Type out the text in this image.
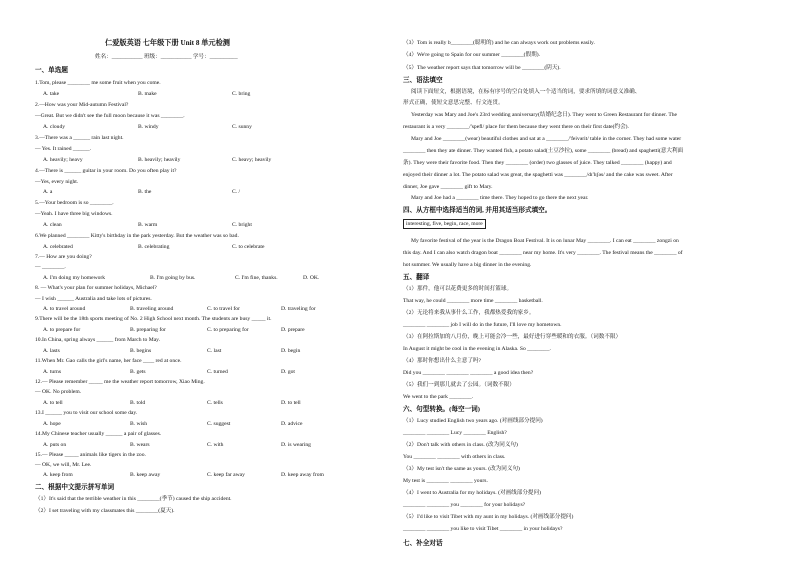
仁爱版英语 七年级下册 Unit 8 单元检测
姓名：___________ 班级：___________ 学号：__________
一、单选题
1.Tom, please ________ me some fruit when you come.
A. take	B. make	C. bring
2.—How was your Mid-autumn Festival?
—Great. But we didn't see the full moon because it was ________.
A. cloudy	B. windy	C. sunny
3.—There was a ______ rain last night.
— Yes. It rained ______.
A. heavily; heavy	B. heavily; heavily	C. heavy; heavily
4.—There is ______ guitar in your room. Do you often play it?
—Yes, every night.
A. a	B. the	C. /
5.—Your bedroom is so ________.
—Yeah. I have three big windows.
A. clean	B. warm	C. bright
6.We planned ________ Kitty's birthday in the park yesterday. But the weather was so bad.
A. celebrated	B. celebrating	C. to celebrate
7.— How are you doing?
— ________.
A. I'm doing my homework	B. I'm going by bus.	C. I'm fine, thanks.	D. OK.
8. — What's your plan for summer holidays, Michael?
— I wish ______ Australia and take lots of pictures.
A. to travel around	B. traveling around	C. to travel for	D. traveling for
9.There will be the 18th sports meeting of No. 2 High School next month. The students are busy _____ it.
A. to prepare for	B. preparing for	C. to preparing for	D. prepare
10.In China, spring always ______ from March to May.
A. lasts	B. begins	C. last	D. begin
11.When Mr. Gao calls the girl's name, her face ____ red at once.
A. turns	B. gets	C. turned	D. got
12.— Please remember _____ me the weather report tomorrow, Xiao Ming.
— OK. No problem.
A. to tell	B. told	C. tells	D. to tell
13.I ______ you to visit our school some day.
A. hope	B. wish	C. suggest	D. advice
14.My Chinese teacher usually ______ a pair of glasses.
A. puts on	B. wears	C. with	D. is wearing
15.— Please _____ animals like tigers in the zoo.
— OK, we will, Mr. Lee.
A. keep from	B. keep away	C. keep far away	D. keep away from
二、根据中文提示拼写单词
（1）It's said that the terrible weather in this ________(季节) caused the ship accident.
（2）I set traveling with my classmates this ________(夏天).
interesting, five, begin, race, more
（3）Tom is really b________(聪明的) and he can always work out problems easily.
（4）We're going to Spain for our summer ________(假期).
（5）The weather report says that tomorrow will be ________(阴天).
三、语法填空
阅读下面短文，根据语境，在标有序号的空白处填入一个适当的词，要求所填的词意义准确、
形式正确，使短文意思完整、行文连贯。
Yesterday was Mary and Joe's 23rd wedding anniversary(结婚纪念日). They went to Green Restaurant for dinner. The
restaurant is a very ________/'spefl/ place for them because they went there on their first date(约会).
Mary and Joe ________(wear) beautiful clothes and sat at a ________/'feivərit/ table in the corner. They had some water
________ then they ate dinner. They wanted fish, a potato salad(土豆沙拉), some ________ (bread) and spaghetti(意大利面
条). They were their favorite food. Then they ________ (order) two glasses of juice. They talked ________ (happy) and
enjoyed their dinner a lot. The potato salad was great, the spaghetti was ________/dɪ'lɪʃəs/ and the cake was sweet. After
dinner, Joe gave ________ gift to Mary.
Mary and Joe had a ________ time there. They hoped to go there the next year.
四、从方框中选择适当的词, 并用其适当形式填空。
My favorite festival of the year is the Dragon Boat Festival. It is on lunar May ________. I can eat ________ zongzi on
this day. And I can also watch dragon boat ________ near my home. It's very ________. The festival means the ________ of
hot summer. We usually have a big dinner in the evening.
五、翻译
（1）那件，他可以花费更多的时间打篮球。
That way, he could ________ more time ________ basketball.
（2）无论将来我从事什么工作，我都热爱我的家乡。
________ ________ job I will do in the future, I'll love my hometown.
（3）在阿拉斯加的八月份，晚上可能会冷一些，最好进行穿些暖和的衣服。（词数不限）
In August it might be cool in the evening in Alaska. So ________.
（4）那时你想出什么主意了吗?
Did you ________ ________ ________ a good idea then?
（5）我们一到那儿就去了公园。（词数不限）
We went to the park ________.
六、句型转换。(每空一词)
（1）Lucy studied English two years ago. (对画线部分提问)
________ ________ Lucy ________ English?
（2）Don't talk with others in class. (改为同义句)
You ________ ________ with others in class.
（3）My test isn't the same as yours. (改为同义句)
My test is ________ ________ yours.
（4）I went to Australia for my holidays. (对画线部分提问)
________ ________ you ________ for your holidays?
（5）I'd like to visit Tibet with my aunt in my holidays. (对画线部分提问)
________ ________ you like to visit Tibet ________ in your holidays?
七、补全对话
